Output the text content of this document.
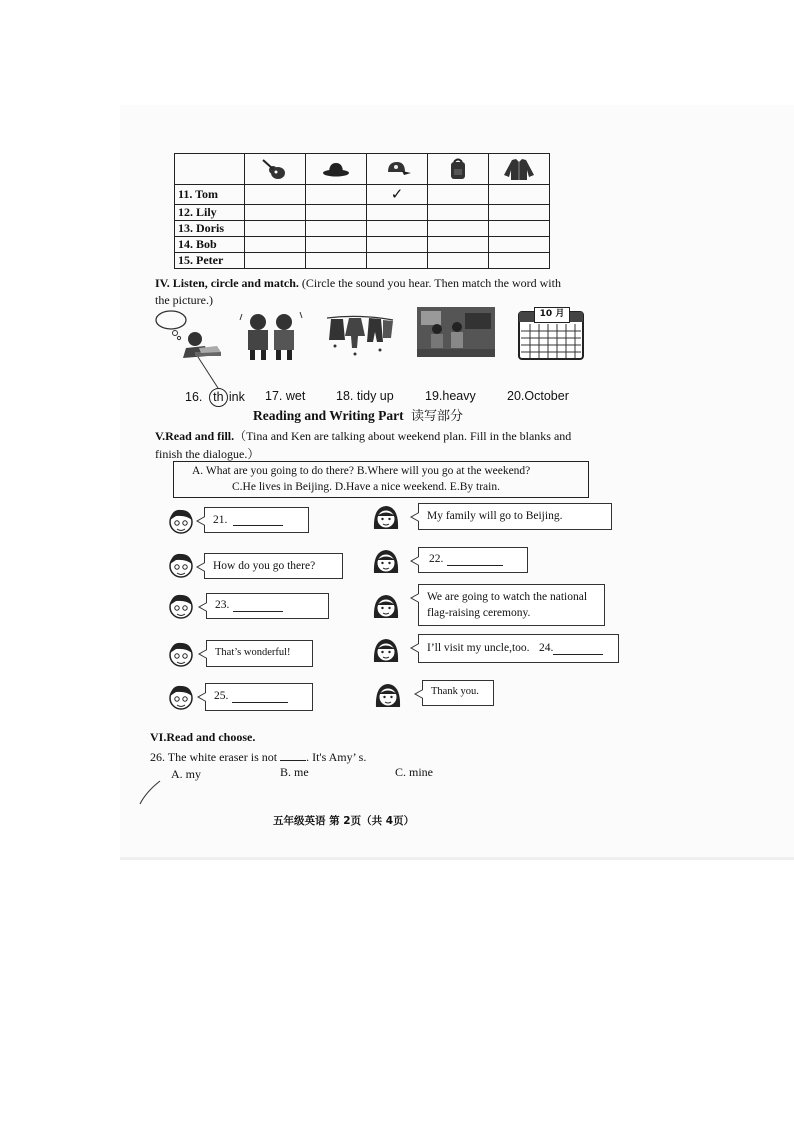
11. Tom			✓		
12. Lily					
13. Doris					
14. Bob					
15. Peter					
IV. Listen, circle and match. (Circle the sound you hear. Then match the word with
the picture.)
10 月
16. th ink 17. wet 18. tidy up	19.heavy	20.October
Reading and Writing Part 读写部分
V.Read and fill.（Tina and Ken are talking about weekend plan. Fill in the blanks and
finish the dialogue.）
A. What are you going to do there? B.Where will you go at the weekend?
C.He lives in Beijing. D.Have a nice weekend. E.By train.
21.	My family will go to Beijing.
How do you go there?
22.
23.
We are going to watch the national
flag-raising ceremony.
That’s wonderful!	I’ll visit my uncle,too. 24.
25.	Thank you.
VI.Read and choose.
26. The white eraser is not . It's Amy’ s.
A. my	B. me	C. mine
五年级英语 第 2页（共 4页）
